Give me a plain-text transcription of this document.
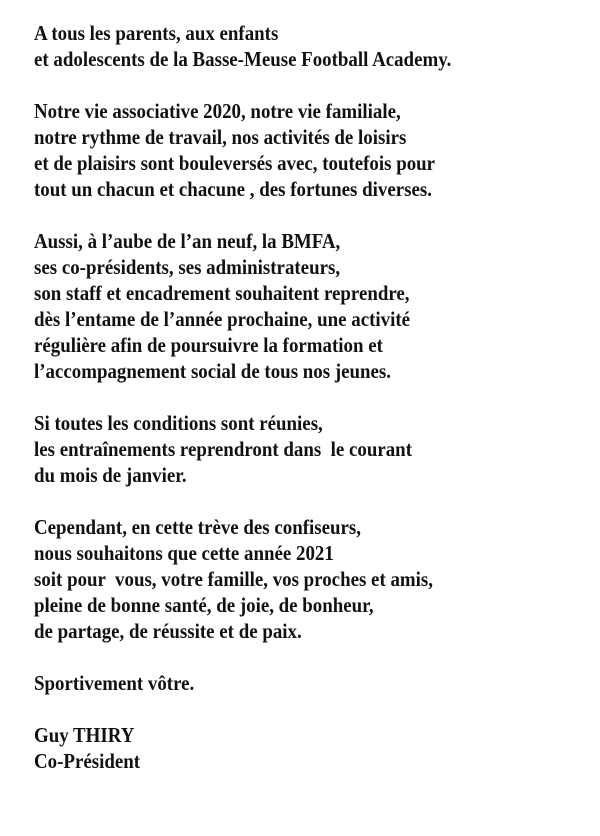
A tous les parents, aux enfants
et adolescents de la Basse-Meuse Football Academy.
Notre vie associative 2020, notre vie familiale,
notre rythme de travail, nos activités de loisirs
et de plaisirs sont bouleversés avec, toutefois pour
tout un chacun et chacune , des fortunes diverses.
Aussi, à l’aube de l’an neuf, la BMFA,
ses co-présidents, ses administrateurs,
son staff et encadrement souhaitent reprendre,
dès l’entame de l’année prochaine, une activité
régulière afin de poursuivre la formation et
l’accompagnement social de tous nos jeunes.
Si toutes les conditions sont réunies,
les entraînements reprendront dans  le courant
du mois de janvier.
Cependant, en cette trève des confiseurs,
nous souhaitons que cette année 2021
soit pour  vous, votre famille, vos proches et amis,
pleine de bonne santé, de joie, de bonheur,
de partage, de réussite et de paix.
Sportivement vôtre.
Guy THIRY
Co-Président
